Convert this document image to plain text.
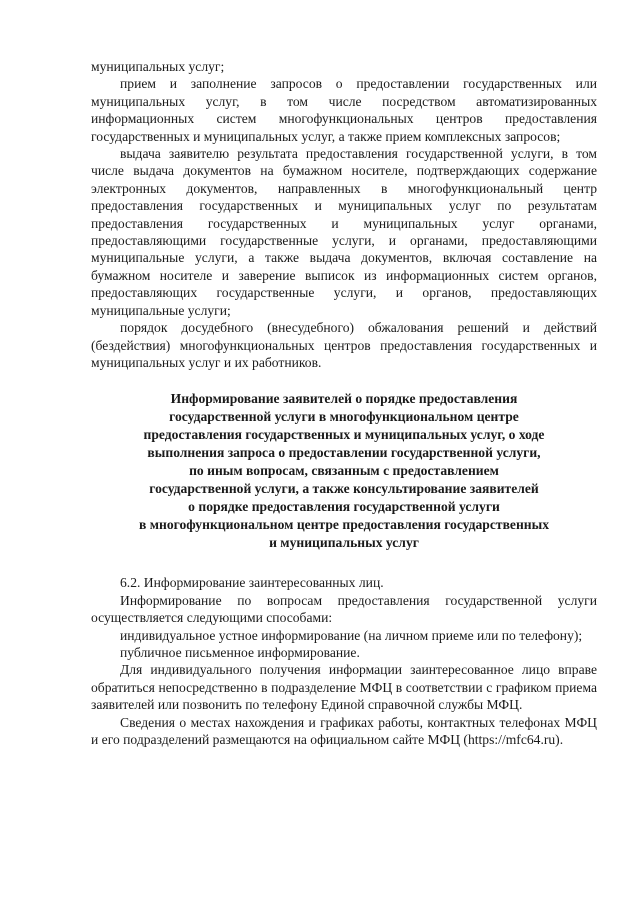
муниципальных услуг;

прием и заполнение запросов о предоставлении государственных или муниципальных услуг, в том числе посредством автоматизированных информационных систем многофункциональных центров предоставления государственных и муниципальных услуг, а также прием комплексных запросов;

выдача заявителю результата предоставления государственной услуги, в том числе выдача документов на бумажном носителе, подтверждающих содержание электронных документов, направленных в многофункциональный центр предоставления государственных и муниципальных услуг по результатам предоставления государственных и муниципальных услуг органами, предоставляющими государственные услуги, и органами, предоставляющими муниципальные услуги, а также выдача документов, включая составление на бумажном носителе и заверение выписок из информационных систем органов, предоставляющих государственные услуги, и органов, предоставляющих муниципальные услуги;

порядок досудебного (внесудебного) обжалования решений и действий (бездействия) многофункциональных центров предоставления государственных и муниципальных услуг и их работников.

Информирование заявителей о порядке предоставления

государственной услуги в многофункциональном центре

предоставления государственных и муниципальных услуг, о ходе

выполнения запроса о предоставлении государственной услуги,

по иным вопросам, связанным с предоставлением

государственной услуги, а также консультирование заявителей

о порядке предоставления государственной услуги

в многофункциональном центре предоставления государственных

и муниципальных услуг

6.2. Информирование заинтересованных лиц.

Информирование по вопросам предоставления государственной услуги осуществляется следующими способами:

индивидуальное устное информирование (на личном приеме или по телефону);

публичное письменное информирование.

Для индивидуального получения информации заинтересованное лицо вправе обратиться непосредственно в подразделение МФЦ в соответствии с графиком приема заявителей или позвонить по телефону Единой справочной службы МФЦ.

Сведения о местах нахождения и графиках работы, контактных телефонах МФЦ и его подразделений размещаются на официальном сайте МФЦ (https://mfc64.ru).
